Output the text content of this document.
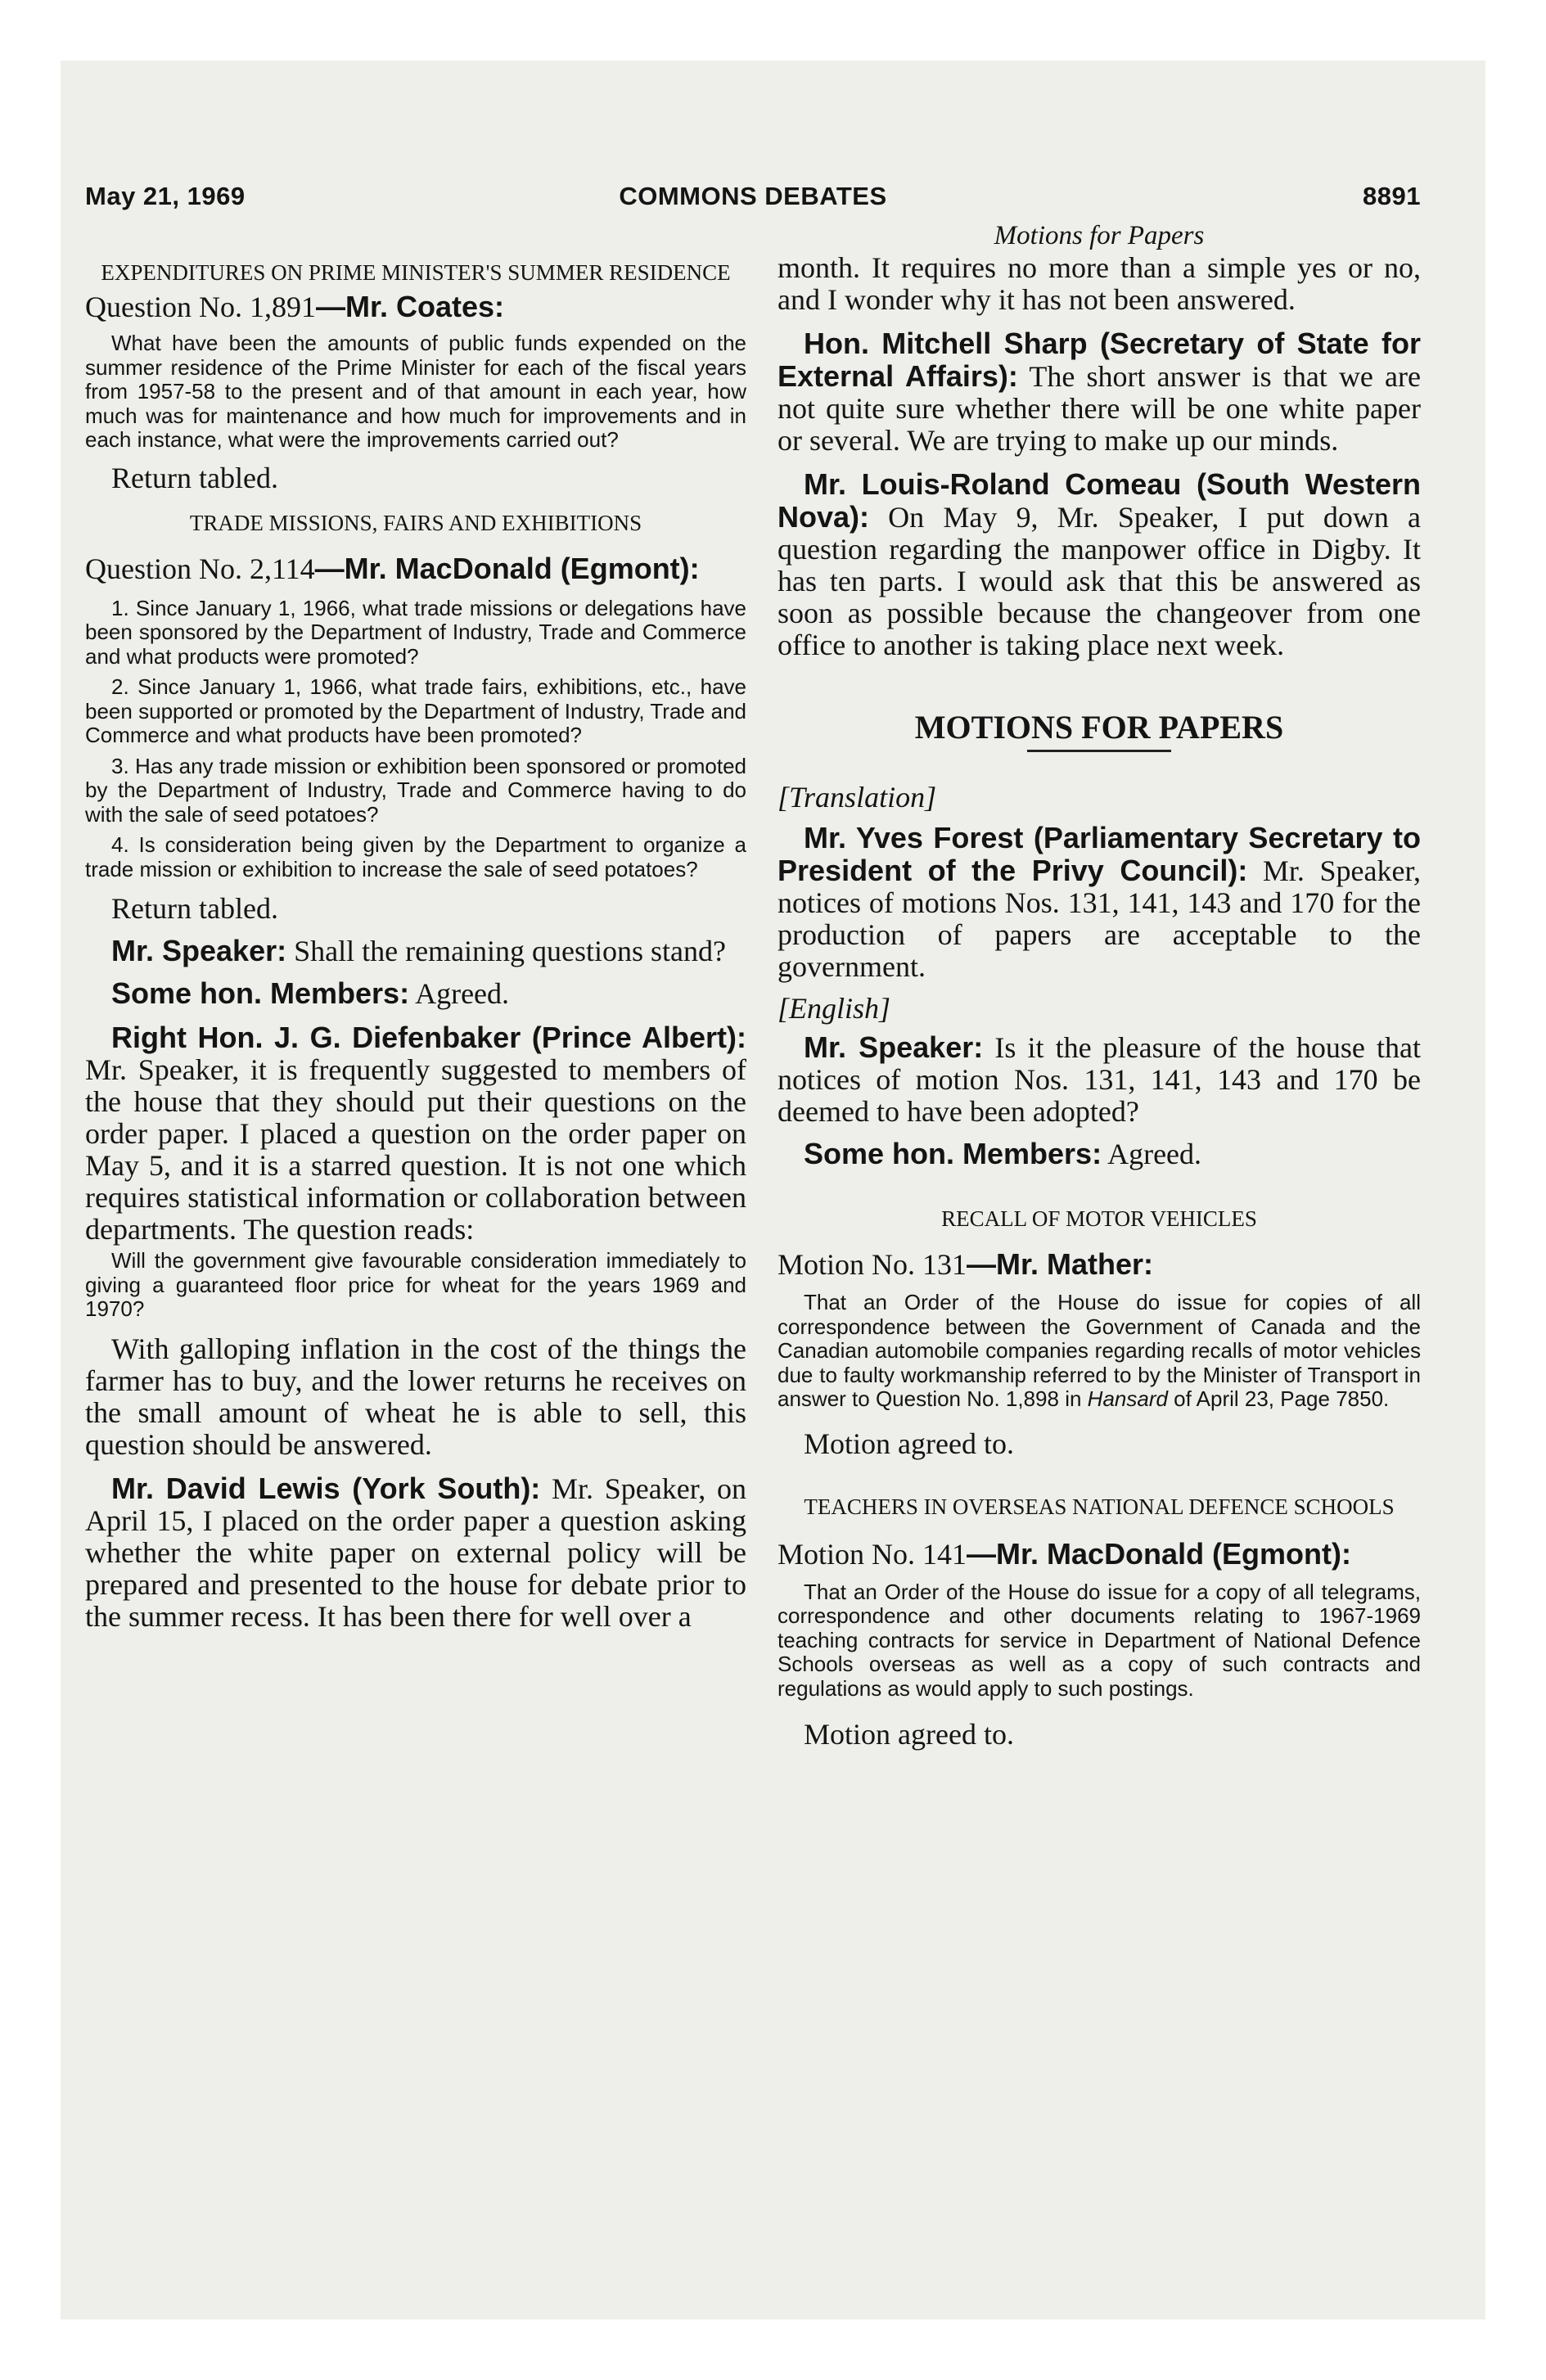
May 21, 1969	COMMONS DEBATES	8891

EXPENDITURES ON PRIME MINISTER'S SUMMER RESIDENCE

Question No. 1,891—Mr. Coates:

What have been the amounts of public funds expended on the summer residence of the Prime Minister for each of the fiscal years from 1957-58 to the present and of that amount in each year, how much was for maintenance and how much for improvements and in each instance, what were the improvements carried out?

Return tabled.

TRADE MISSIONS, FAIRS AND EXHIBITIONS

Question No. 2,114—Mr. MacDonald (Egmont):

1. Since January 1, 1966, what trade missions or delegations have been sponsored by the Department of Industry, Trade and Commerce and what products were promoted?

2. Since January 1, 1966, what trade fairs, exhibitions, etc., have been supported or promoted by the Department of Industry, Trade and Commerce and what products have been promoted?

3. Has any trade mission or exhibition been sponsored or promoted by the Department of Industry, Trade and Commerce having to do with the sale of seed potatoes?

4. Is consideration being given by the Department to organize a trade mission or exhibition to increase the sale of seed potatoes?

Return tabled.

Mr. Speaker: Shall the remaining questions stand?

Some hon. Members: Agreed.

Right Hon. J. G. Diefenbaker (Prince Albert): Mr. Speaker, it is frequently suggested to members of the house that they should put their questions on the order paper. I placed a question on the order paper on May 5, and it is a starred question. It is not one which requires statistical information or collaboration between departments. The question reads:

Will the government give favourable consideration immediately to giving a guaranteed floor price for wheat for the years 1969 and 1970?

With galloping inflation in the cost of the things the farmer has to buy, and the lower returns he receives on the small amount of wheat he is able to sell, this question should be answered.

Mr. David Lewis (York South): Mr. Speaker, on April 15, I placed on the order paper a question asking whether the white paper on external policy will be prepared and presented to the house for debate prior to the summer recess. It has been there for well over a

Motions for Papers

month. It requires no more than a simple yes or no, and I wonder why it has not been answered.

Hon. Mitchell Sharp (Secretary of State for External Affairs): The short answer is that we are not quite sure whether there will be one white paper or several. We are trying to make up our minds.

Mr. Louis-Roland Comeau (South Western Nova): On May 9, Mr. Speaker, I put down a question regarding the manpower office in Digby. It has ten parts. I would ask that this be answered as soon as possible because the changeover from one office to another is taking place next week.

MOTIONS FOR PAPERS

[Translation]

Mr. Yves Forest (Parliamentary Secretary to President of the Privy Council): Mr. Speaker, notices of motions Nos. 131, 141, 143 and 170 for the production of papers are acceptable to the government.

[English]

Mr. Speaker: Is it the pleasure of the house that notices of motion Nos. 131, 141, 143 and 170 be deemed to have been adopted?

Some hon. Members: Agreed.

RECALL OF MOTOR VEHICLES

Motion No. 131—Mr. Mather:

That an Order of the House do issue for copies of all correspondence between the Government of Canada and the Canadian automobile companies regarding recalls of motor vehicles due to faulty workmanship referred to by the Minister of Transport in answer to Question No. 1,898 in Hansard of April 23, Page 7850.

Motion agreed to.

TEACHERS IN OVERSEAS NATIONAL DEFENCE SCHOOLS

Motion No. 141—Mr. MacDonald (Egmont):

That an Order of the House do issue for a copy of all telegrams, correspondence and other documents relating to 1967-1969 teaching contracts for service in Department of National Defence Schools overseas as well as a copy of such contracts and regulations as would apply to such postings.

Motion agreed to.
